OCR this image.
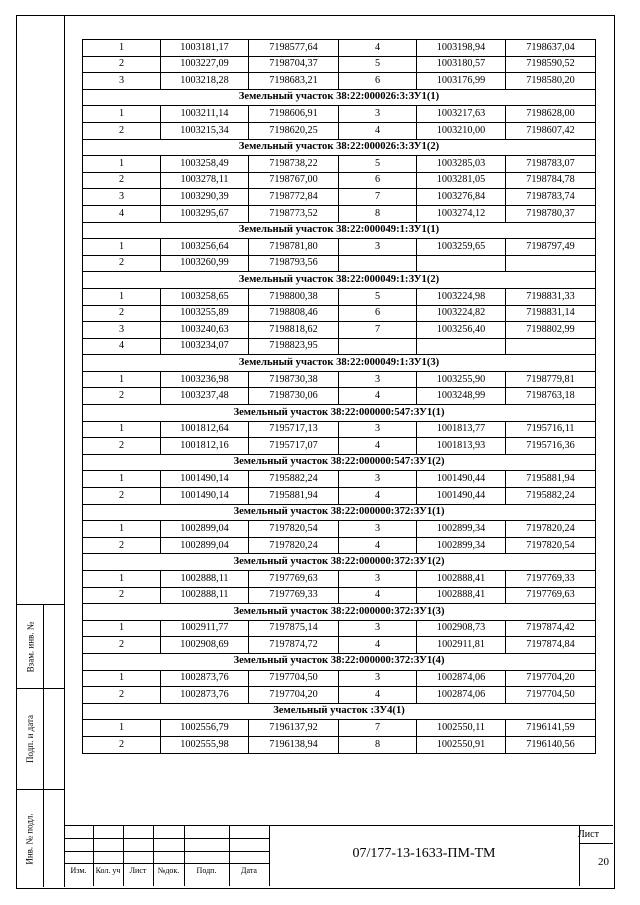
1	1003181,17	7198577,64	4	1003198,94	7198637,04
2	1003227,09	7198704,37	5	1003180,57	7198590,52
3	1003218,28	7198683,21	6	1003176,99	7198580,20
Земельный участок 38:22:000026:3:ЗУ1(1)					
1	1003211,14	7198606,91	3	1003217,63	7198628,00
2	1003215,34	7198620,25	4	1003210,00	7198607,42
Земельный участок 38:22:000026:3:ЗУ1(2)					
1	1003258,49	7198738,22	5	1003285,03	7198783,07
2	1003278,11	7198767,00	6	1003281,05	7198784,78
3	1003290,39	7198772,84	7	1003276,84	7198783,74
4	1003295,67	7198773,52	8	1003274,12	7198780,37
Земельный участок 38:22:000049:1:ЗУ1(1)					
1	1003256,64	7198781,80	3	1003259,65	7198797,49
2	1003260,99	7198793,56			
Земельный участок 38:22:000049:1:ЗУ1(2)					
1	1003258,65	7198800,38	5	1003224,98	7198831,33
2	1003255,89	7198808,46	6	1003224,82	7198831,14
3	1003240,63	7198818,62	7	1003256,40	7198802,99
4	1003234,07	7198823,95			
Земельный участок 38:22:000049:1:ЗУ1(3)					
1	1003236,98	7198730,38	3	1003255,90	7198779,81
2	1003237,48	7198730,06	4	1003248,99	7198763,18
Земельный участок 38:22:000000:547:ЗУ1(1)					
1	1001812,64	7195717,13	3	1001813,77	7195716,11
2	1001812,16	7195717,07	4	1001813,93	7195716,36
Земельный участок 38:22:000000:547:ЗУ1(2)					
1	1001490,14	7195882,24	3	1001490,44	7195881,94
2	1001490,14	7195881,94	4	1001490,44	7195882,24
Земельный участок 38:22:000000:372:ЗУ1(1)					
1	1002899,04	7197820,54	3	1002899,34	7197820,24
2	1002899,04	7197820,24	4	1002899,34	7197820,54
Земельный участок 38:22:000000:372:ЗУ1(2)					
1	1002888,11	7197769,63	3	1002888,41	7197769,33
2	1002888,11	7197769,33	4	1002888,41	7197769,63
Земельный участок 38:22:000000:372:ЗУ1(3)					
1	1002911,77	7197875,14	3	1002908,73	7197874,42
2	1002908,69	7197874,72	4	1002911,81	7197874,84
Земельный участок 38:22:000000:372:ЗУ1(4)					
1	1002873,76	7197704,50	3	1002874,06	7197704,20
2	1002873,76	7197704,20	4	1002874,06	7197704,50
Земельный участок :ЗУ4(1)					
1	1002556,79	7196137,92	7	1002550,11	7196141,59
2	1002555,98	7196138,94	8	1002550,91	7196140,56
Взам. инв. №
Подп. и дата
Инв. № подл.
Изм.	Кол. уч	Лист	№док.	Подп.	Дата
07/177-13-1633-ПМ-ТМ
Лист
20
